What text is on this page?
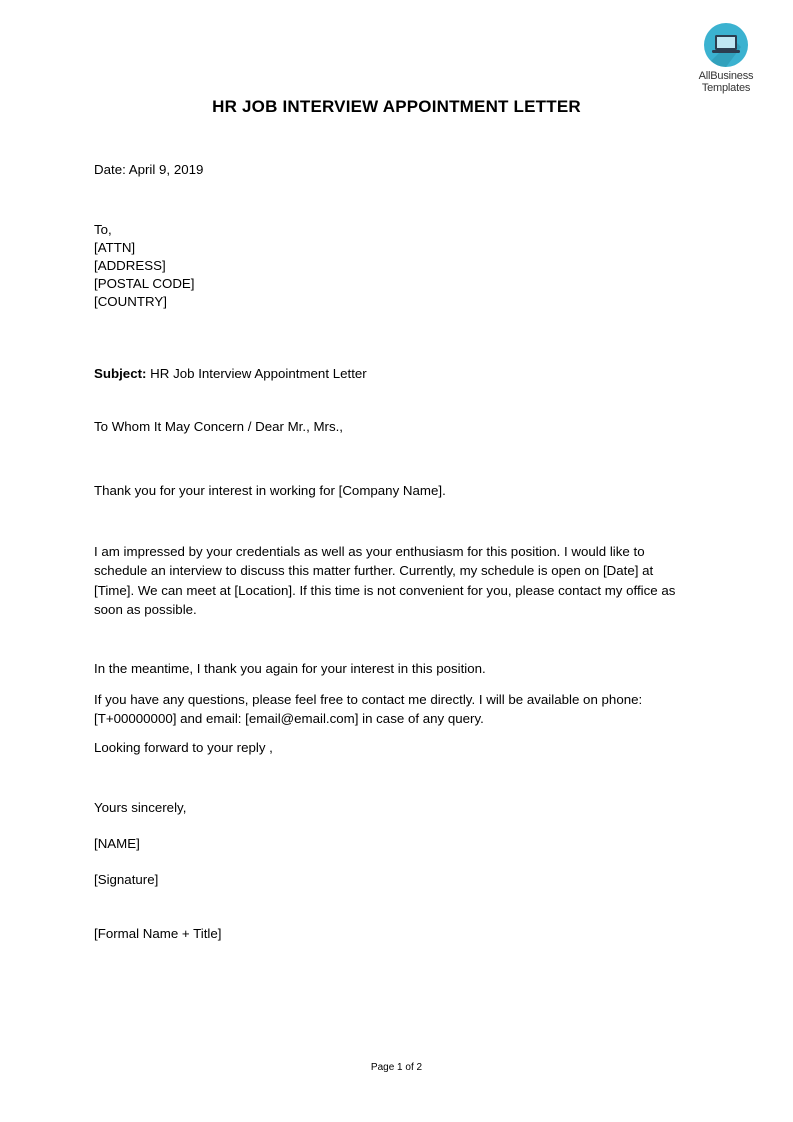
AllBusiness
Templates
HR JOB INTERVIEW APPOINTMENT LETTER

Date: April 9, 2019

To,
[ATTN]
[ADDRESS]
[POSTAL CODE]
[COUNTRY]

Subject: HR Job Interview Appointment Letter

To Whom It May Concern / Dear Mr., Mrs.,

Thank you for your interest in working for [Company Name].

I am impressed by your credentials as well as your enthusiasm for this position. I would like to
schedule an interview to discuss this matter further. Currently, my schedule is open on [Date] at
[Time]. We can meet at [Location]. If this time is not convenient for you, please contact my office as
soon as possible.

In the meantime, I thank you again for your interest in this position.

If you have any questions, please feel free to contact me directly. I will be available on phone:
[T+00000000] and email: [email@email.com] in case of any query.

Looking forward to your reply ,

Yours sincerely,

[NAME]

[Signature]

[Formal Name + Title]

Page 1 of 2
